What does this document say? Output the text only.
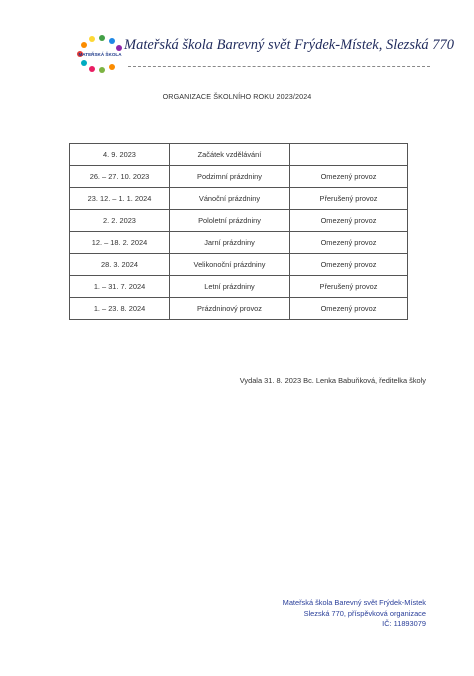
MATEŘSKÁ ŠKOLA
Mateřská škola Barevný svět Frýdek-Místek, Slezská 770
ORGANIZACE ŠKOLNÍHO ROKU 2023/2024
4. 9. 2023	Začátek vzdělávání	
26. – 27. 10. 2023	Podzimní prázdniny	Omezený provoz
23. 12. – 1. 1. 2024	Vánoční prázdniny	Přerušený provoz
2. 2. 2023	Pololetní prázdniny	Omezený provoz
12. – 18. 2. 2024	Jarní prázdniny	Omezený provoz
28. 3. 2024	Velikonoční prázdniny	Omezený provoz
1. – 31. 7. 2024	Letní prázdniny	Přerušený provoz
1. – 23. 8. 2024	Prázdninový provoz	Omezený provoz
Vydala 31. 8. 2023 Bc. Lenka Babuňková, ředitelka školy
Mateřská škola Barevný svět Frýdek-Místek
Slezská 770, příspěvková organizace
IČ: 11893079
